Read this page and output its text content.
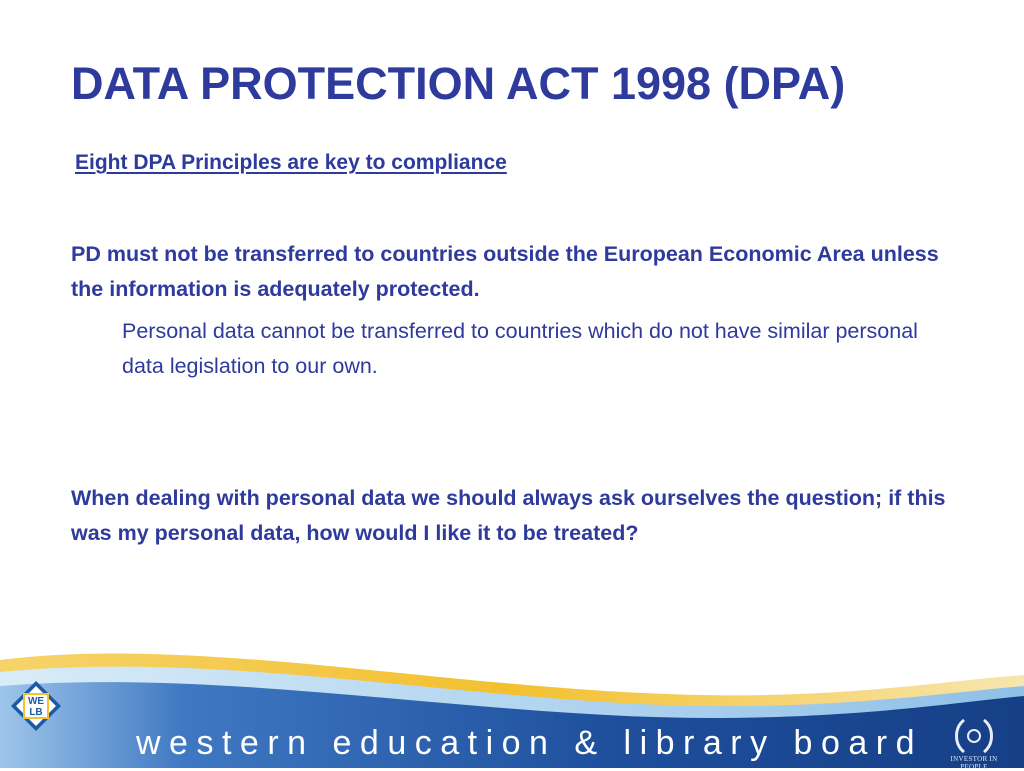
DATA PROTECTION ACT 1998 (DPA)
Eight DPA Principles are key to compliance
PD must not be transferred to countries outside the European Economic Area unless the information is adequately protected.
Personal data cannot be transferred to countries which do not have similar personal data legislation to our own.
When dealing with personal data we should always ask ourselves the question; if this was my personal data, how would I like it to be treated?
WE
LB
western education & library board	INVESTOR IN PEOPLE
